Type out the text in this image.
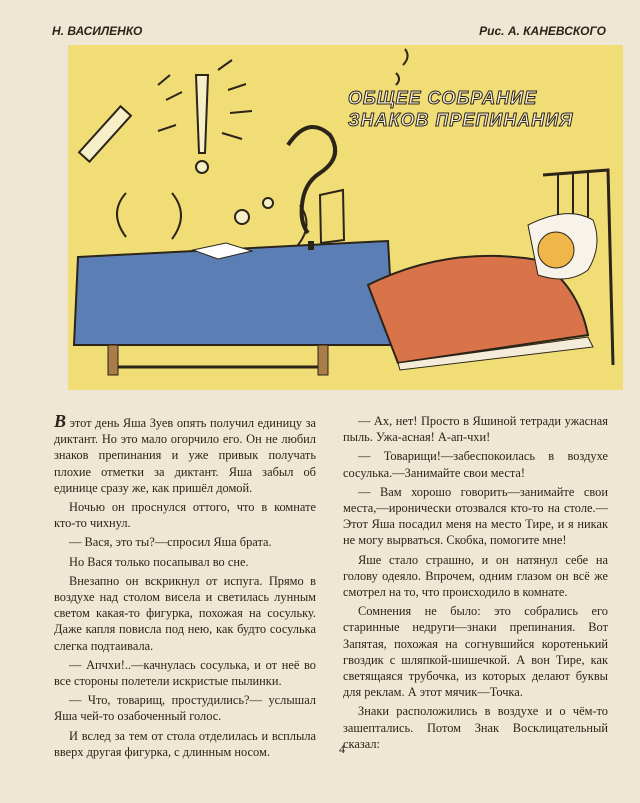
Н. ВАСИЛЕНКО	Рис. А. КАНЕВСКОГО
ОБЩЕЕ СОБРАНИЕ
ЗНАКОВ ПРЕПИНАНИЯ

В этот день Яша Зуев опять получил единицу за диктант. Но это мало огорчило его. Он не любил знаков препинания и уже привык получать плохие отметки за диктант. Яша забыл об единице сразу же, как пришёл домой.

Ночью он проснулся оттого, что в комнате кто-то чихнул.

— Вася, это ты?—спросил Яша брата.

Но Вася только посапывал во сне.

Внезапно он вскрикнул от испуга. Прямо в воздухе над столом висела и светилась лунным светом какая-то фигурка, похожая на сосульку. Даже капля повисла под нею, как будто сосулька слегка подтаивала.

— Апчхи!..—качнулась сосулька, и от неё во все стороны полетели искристые пылинки.

— Что, товарищ, простудились?— услышал Яша чей-то озабоченный голос.

И вслед за тем от стола отделилась и всплыла вверх другая фигурка, с длинным носом.

— Ах, нет! Просто в Яшиной тетради ужасная пыль. Ужа-асная! А-ап-чхи!

— Товарищи!—забеспокоилась в воздухе сосулька.—Занимайте свои места!

— Вам хорошо говорить—занимайте свои места,—иронически отозвался кто-то на столе.—Этот Яша посадил меня на место Тире, и я никак не могу вырваться. Скобка, помогите мне!

Яше стало страшно, и он натянул себе на голову одеяло. Впрочем, одним глазом он всё же смотрел на то, что происходило в комнате.

Сомнения не было: это собрались его старинные недруги—знаки препинания. Вот Запятая, похожая на согнувшийся коротенький гвоздик с шляпкой-шишечкой. А вон Тире, как светящаяся трубочка, из которых делают буквы для реклам. А этот мячик—Точка.

Знаки расположились в воздухе и о чём-то зашептались. Потом Знак Восклицательный сказал:

4
